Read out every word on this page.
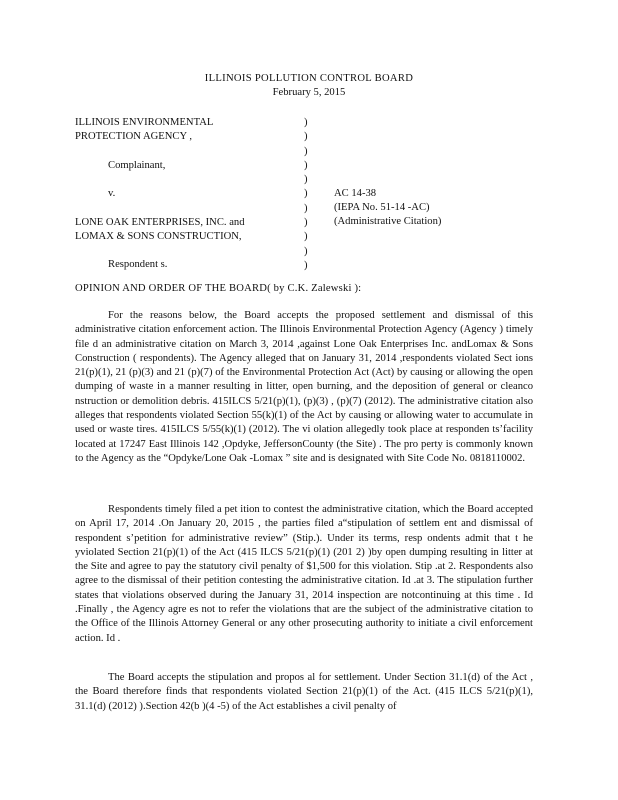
ILLINOIS POLLUTION CONTROL BOARD
February 5, 2015
ILLINOIS ENVIRONMENTAL
PROTECTION AGENCY ,
Complainant,
v.
LONE OAK ENTERPRISES, INC. and
LOMAX & SONS CONSTRUCTION,
Respondent s.
)
)
)
)
)
)
)
)
)
)
)
AC 14-38
(IEPA No. 51-14 -AC)
(Administrative Citation)
OPINION AND ORDER OF THE BOARD( by C.K. Zalewski ):
For the reasons below, the Board accepts the proposed settlement and dismissal of this administrative citation enforcement action. The Illinois Environmental Protection Agency (Agency ) timely file d an administrative citation on March 3, 2014 ,against Lone Oak Enterprises Inc. andLomax & Sons Construction ( respondents). The Agency alleged that on January 31, 2014 ,respondents violated Sect ions 21(p)(1), 21 (p)(3) and 21 (p)(7) of the Environmental Protection Act (Act) by causing or allowing the open dumping of waste in a manner resulting in litter, open burning, and the deposition of general or cleanco nstruction or demolition debris. 415ILCS 5/21(p)(1), (p)(3) , (p)(7) (2012). The administrative citation also alleges that respondents violated Section 55(k)(1) of the Act by causing or allowing water to accumulate in used or waste tires. 415ILCS 5/55(k)(1) (2012). The vi olation allegedly took place at responden ts’facility located at 17247 East Illinois 142 ,Opdyke, JeffersonCounty (the Site) . The pro perty is commonly known to the Agency as the “Opdyke/Lone Oak -Lomax ” site and is designated with Site Code No. 0818110002.
Respondents timely filed a pet ition to contest the administrative citation, which the Board accepted on April 17, 2014 .On January 20, 2015 , the parties filed a“stipulation of settlem ent and dismissal of respondent s’petition for administrative review” (Stip.). Under its terms, resp ondents admit that t he yviolated Section 21(p)(1) of the Act (415 ILCS 5/21(p)(1) (201 2) )by open dumping resulting in litter at the Site and agree to pay the statutory civil penalty of $1,500 for this violation. Stip .at 2. Respondents also agree to the dismissal of their petition contesting the administrative citation. Id .at 3. The stipulation further states that violations observed during the January 31, 2014 inspection are notcontinuing at this time . Id .Finally , the Agency agre es not to refer the violations that are the subject of the administrative citation to the Office of the Illinois Attorney General or any other prosecuting authority to initiate a civil enforcement action. Id .
The Board accepts the stipulation and propos al for settlement. Under Section 31.1(d) of the Act , the Board therefore finds that respondents violated Section 21(p)(1) of the Act. (415 ILCS 5/21(p)(1), 31.1(d) (2012) ).Section 42(b )(4 -5) of the Act establishes a civil penalty of
